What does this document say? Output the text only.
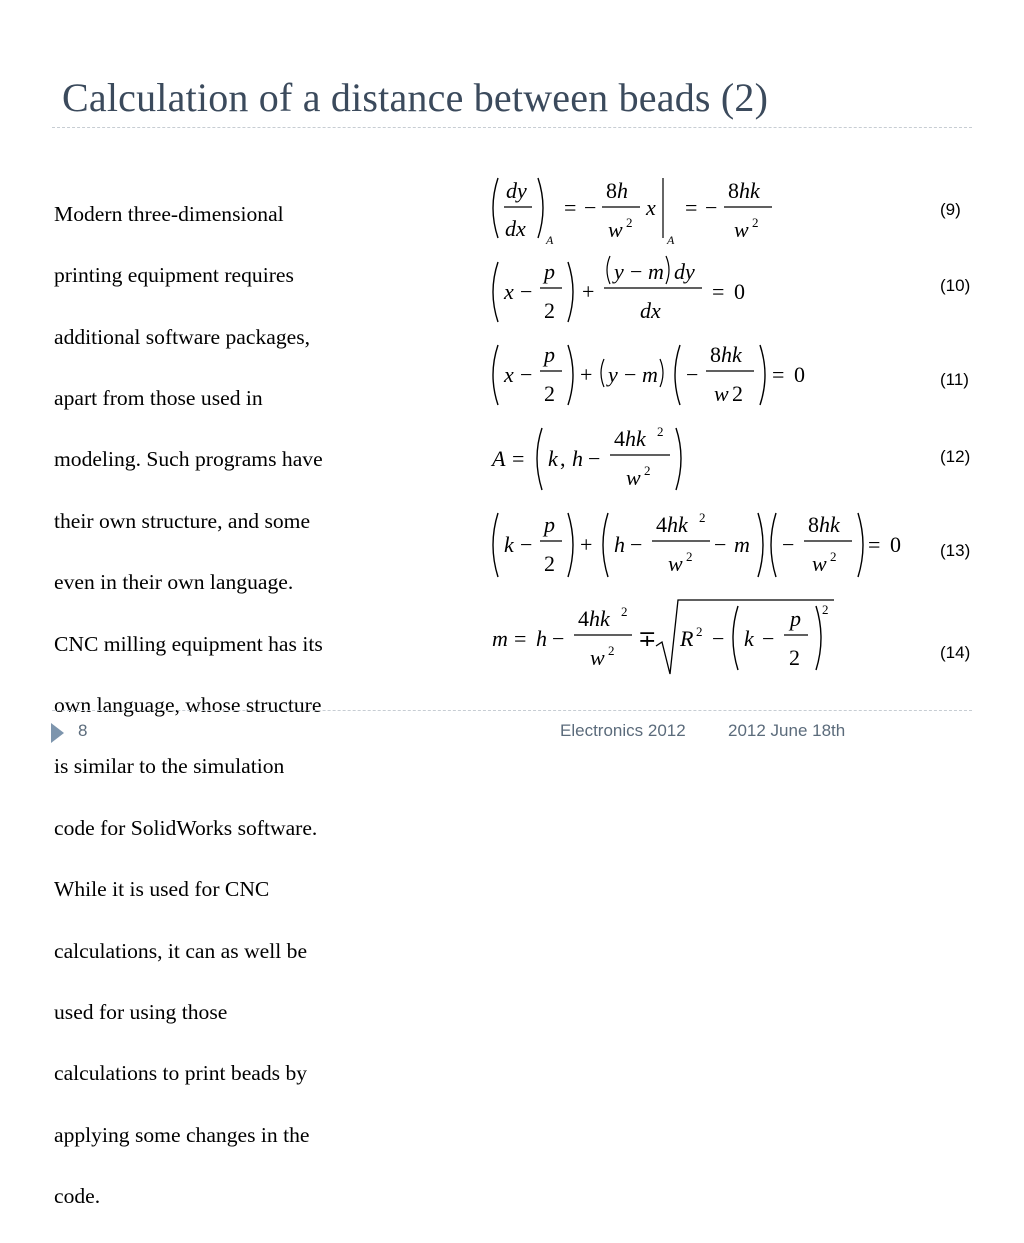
Calculation of a distance between beads (2)

Modern three-dimensional

printing equipment requires

additional software packages,

apart from those used in

modeling. Such programs have

their own structure, and some

even in their own language.

CNC milling equipment has its

own language, whose structure

is similar to the simulation

code for SolidWorks software.

While it is used for CNC

calculations, it can as well be

used for using those

calculations to print beads by

applying some changes in the

code.

dy
dx A
= −
8h
w 2
x
A
= −
8hk
w 2
x −
p
2
+
y − m dy
dx
= 0
x −
p
2
+ y − m −
8hk
w 2
= 0
A = k , h −
4hk 2
w 2
k −
p
2
+ h −
4hk 2
w 2 − m −
8hk
w 2 = 0
m = h −
4hk 2
w 2 ∓ R 2 − k −
p
2
2
(9)
(10)
(11)
(12)
(13)
(14)
8	Electronics 2012 2012 June 18th
